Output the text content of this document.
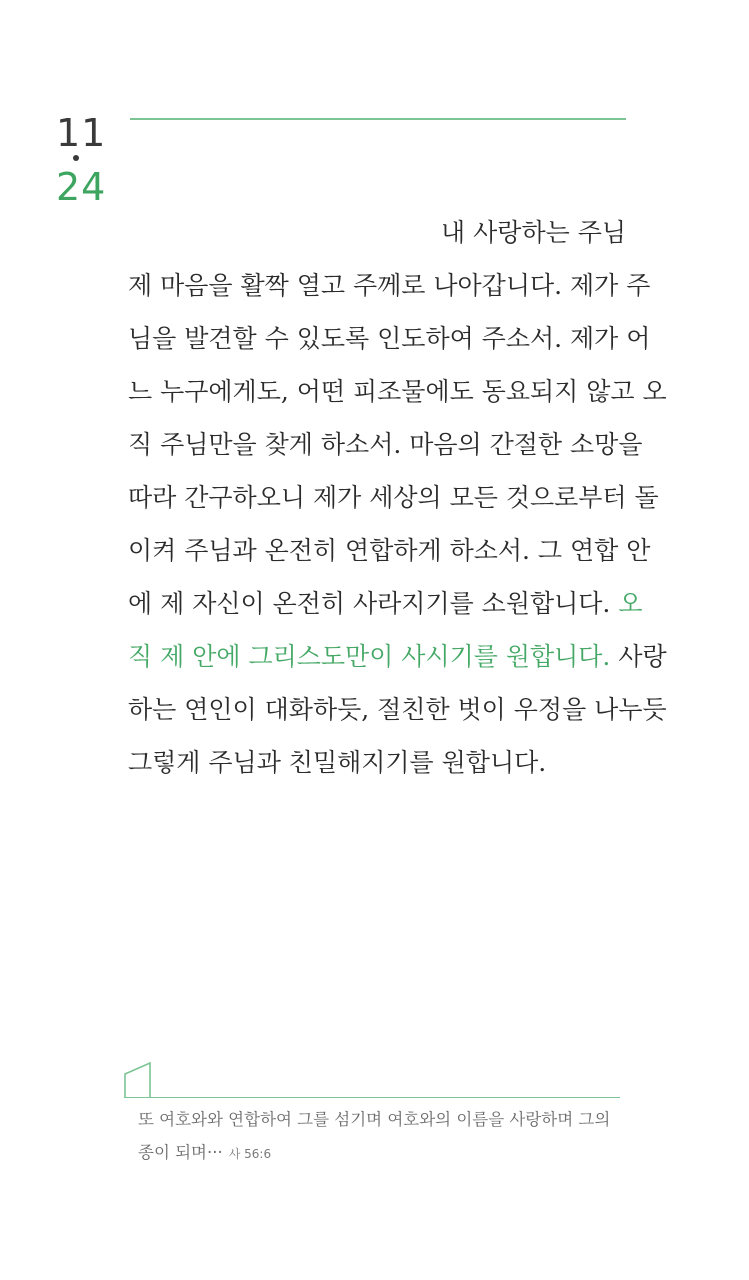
11
24
내 사랑하는 주님
제 마음을 활짝 열고 주께로 나아갑니다. 제가 주
님을 발견할 수 있도록 인도하여 주소서. 제가 어
느 누구에게도, 어떤 피조물에도 동요되지 않고 오
직 주님만을 찾게 하소서. 마음의 간절한 소망을
따라 간구하오니 제가 세상의 모든 것으로부터 돌
이켜 주님과 온전히 연합하게 하소서. 그 연합 안
에 제 자신이 온전히 사라지기를 소원합니다. 오
직 제 안에 그리스도만이 사시기를 원합니다. 사랑
하는 연인이 대화하듯, 절친한 벗이 우정을 나누듯
그렇게 주님과 친밀해지기를 원합니다.
또 여호와와 연합하여 그를 섬기며 여호와의 이름을 사랑하며 그의
종이 되며··· 사 56:6
